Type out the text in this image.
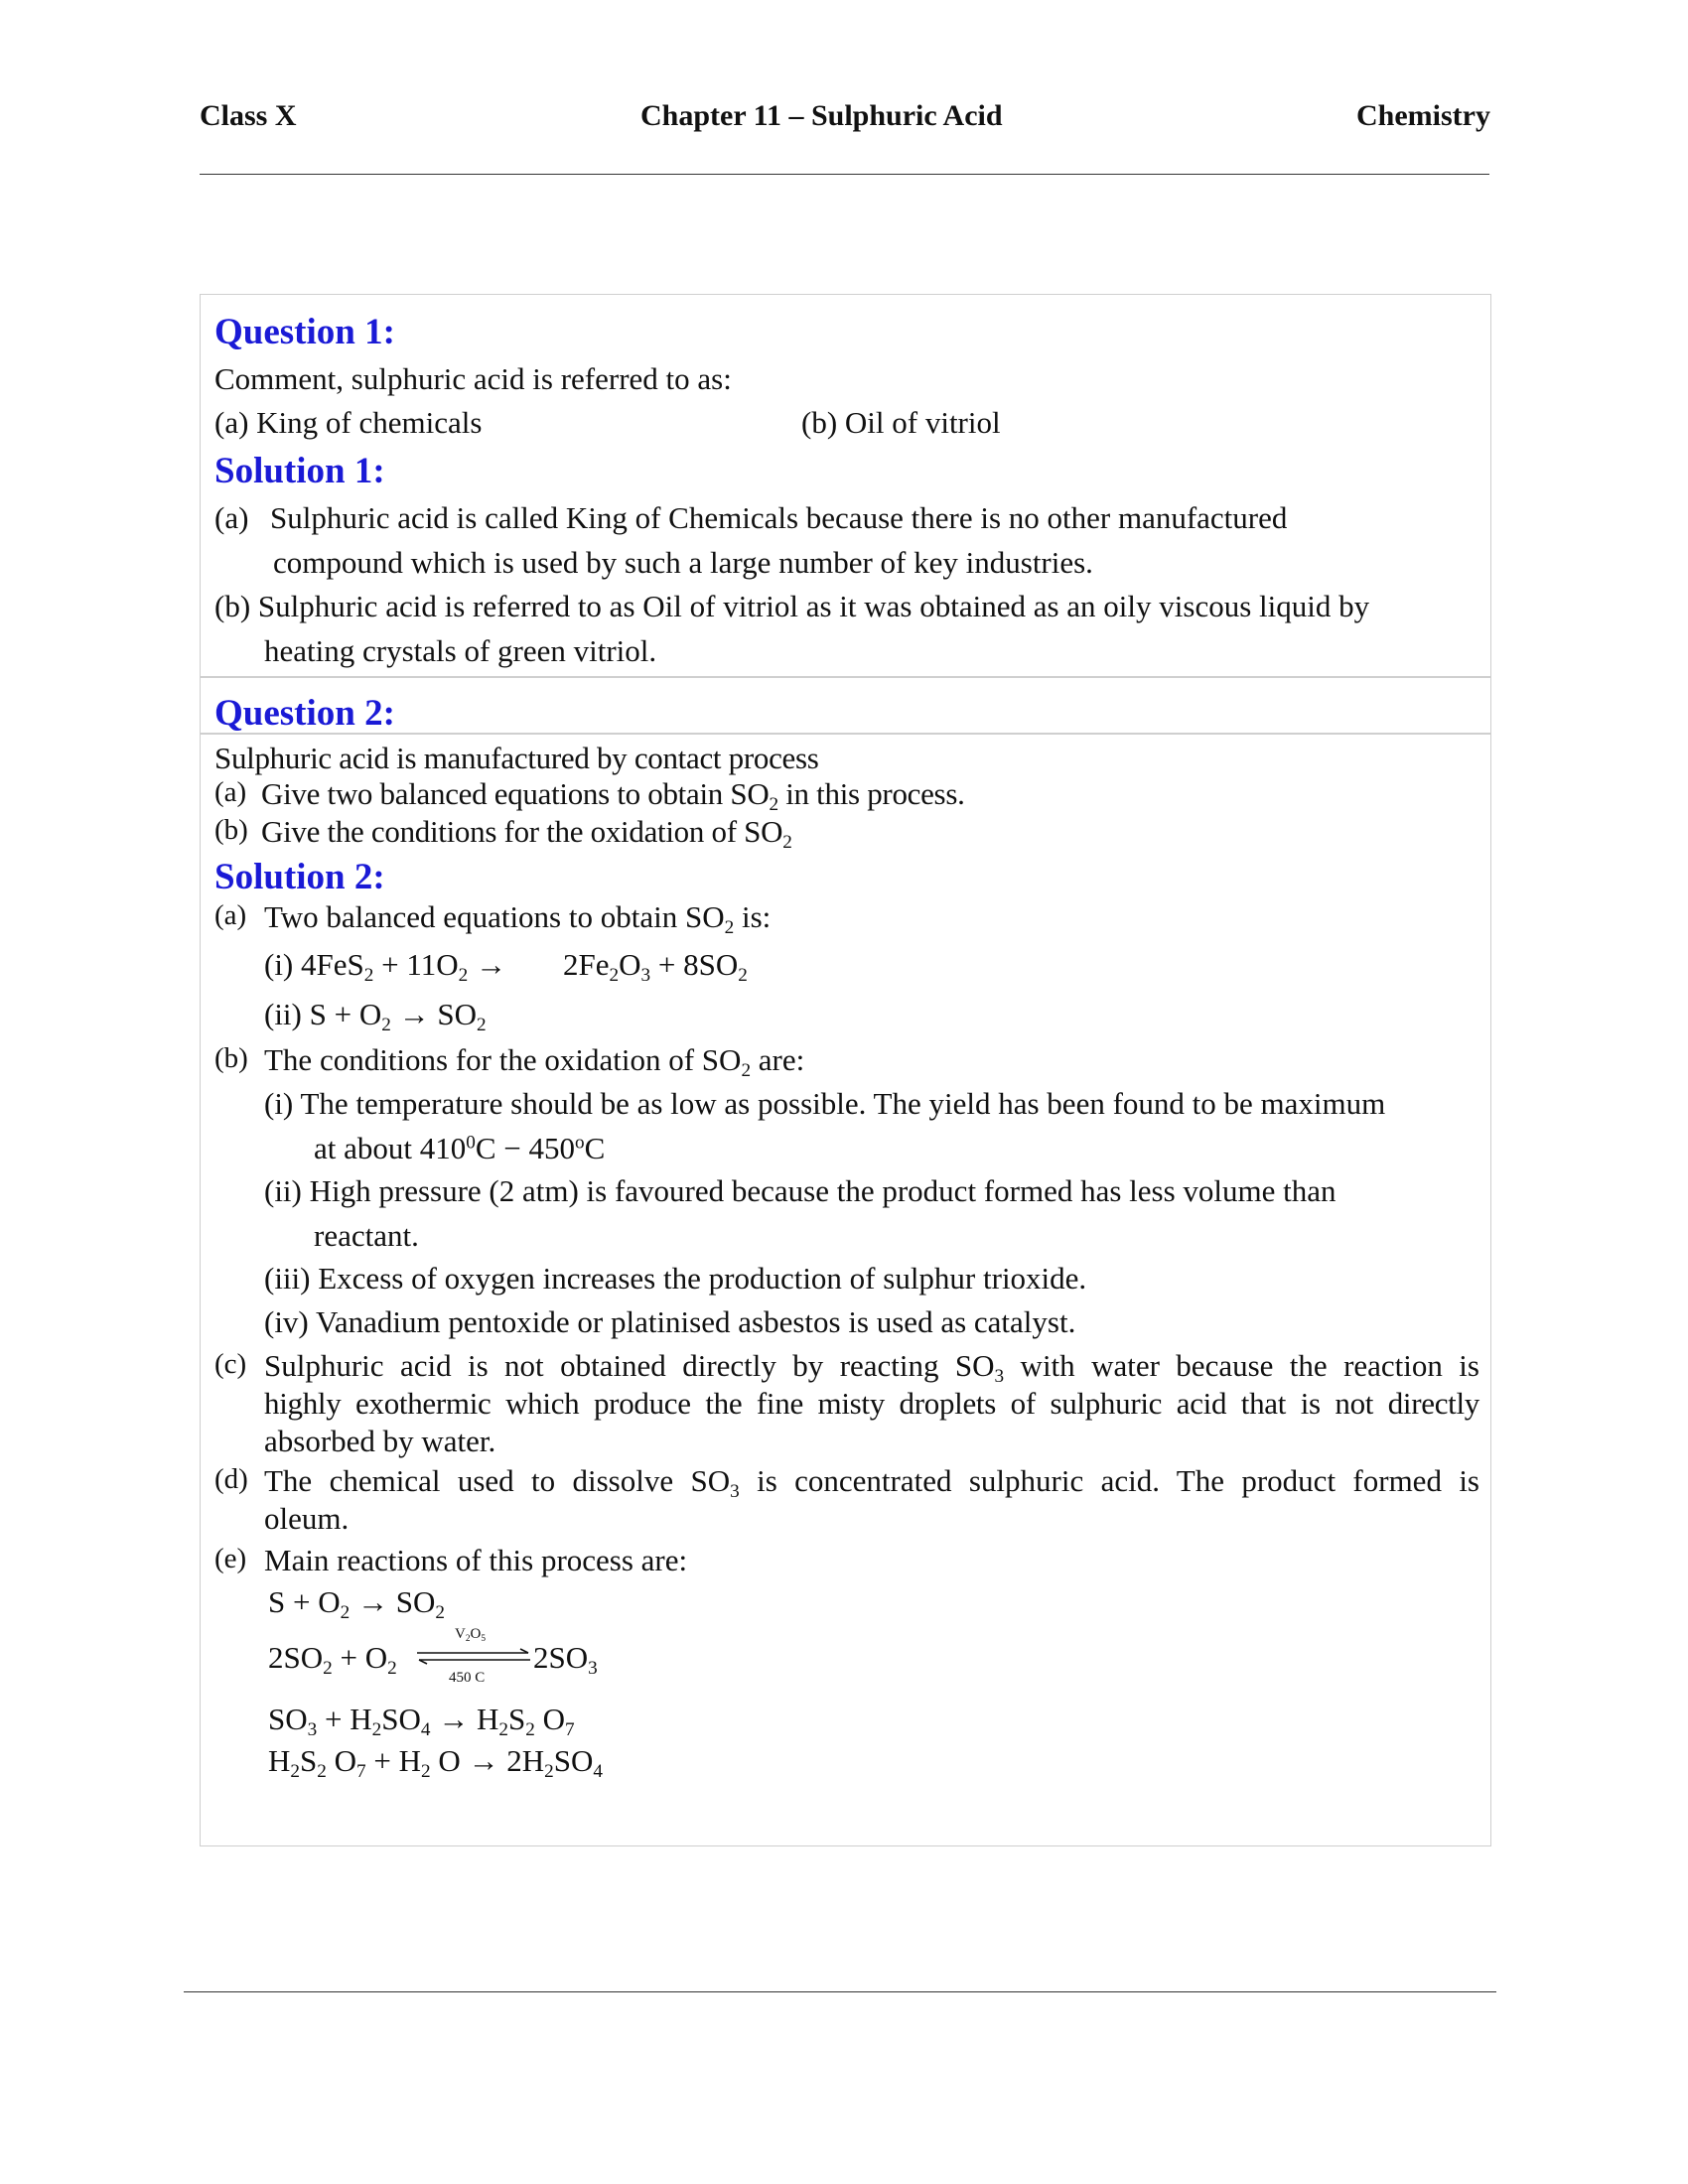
Class X	Chapter 11 – Sulphuric Acid	Chemistry
Question 1:
Comment, sulphuric acid is referred to as:
(a) King of chemicals	(b) Oil of vitriol
Solution 1:
(a) Sulphuric acid is called King of Chemicals because there is no other manufactured
compound which is used by such a large number of key industries.
(b) Sulphuric acid is referred to as Oil of vitriol as it was obtained as an oily viscous liquid by
heating crystals of green vitriol.
Question 2:
Sulphuric acid is manufactured by contact process
(a) Give two balanced equations to obtain $SO_2$ in this process.
(b) Give the conditions for the oxidation of $SO_2$
Solution 2:
(a) Two balanced equations to obtain $SO_2$ is:
(i) $4FeS_2 + 11O_2 \to 2Fe_2O_3 + 8SO_2$
(ii) $S + O_2 \to SO_2$
(b) The conditions for the oxidation of $SO_2$ are:
(i) The temperature should be as low as possible. The yield has been found to be maximum
at about $410^0C - 450^oC$
(ii) High pressure (2 atm) is favoured because the product formed has less volume than
reactant.
(iii) Excess of oxygen increases the production of sulphur trioxide.
(iv) Vanadium pentoxide or platinised asbestos is used as catalyst.
(c) Sulphuric acid is not obtained directly by reacting $SO_3$ with water because the reaction is
highly exothermic which produce the fine misty droplets of sulphuric acid that is not directly
absorbed by water.
(d) The chemical used to dissolve $SO_3$ is concentrated sulphuric acid. The product formed is
oleum.
(e) Main reactions of this process are:
$S + O_2 \to SO_2$
$2SO_2 + O_2$
$V_2O_5$
450 C
$2SO_3$
$SO_3 + H_2SO_4 \to H_2S_2$ $O_7$
$H_2S_2$ $O_7 + H_2$ $O \to 2H_2SO_4$
